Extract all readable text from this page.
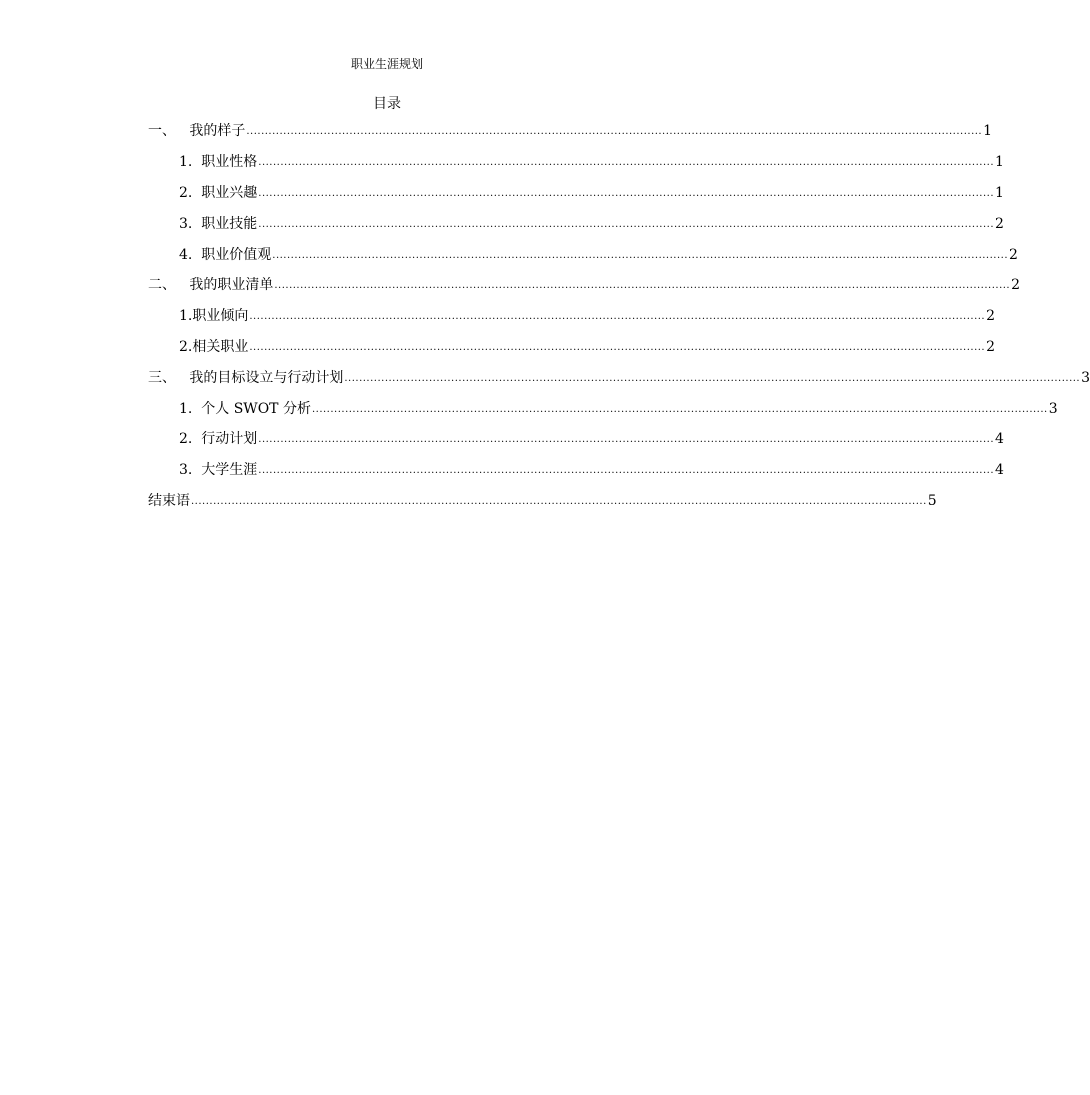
职业生涯规划
目录
一、 我的样子 ........................................................................................................................................................................................................ 1
1. 职业性格 ........................................................................................................................................................................................................ 1
2. 职业兴趣 ........................................................................................................................................................................................................ 1
3. 职业技能 ........................................................................................................................................................................................................ 2
4. 职业价值观 ........................................................................................................................................................................................................ 2
二、 我的职业清单 ........................................................................................................................................................................................................ 2
1. 职业倾向 ........................................................................................................................................................................................................ 2
2. 相关职业 ........................................................................................................................................................................................................ 2
三、 我的目标设立与行动计划 ........................................................................................................................................................................................................ 3
1. 个人 SWOT 分析 ........................................................................................................................................................................................................ 3
2. 行动计划 ........................................................................................................................................................................................................ 4
3. 大学生涯 ........................................................................................................................................................................................................ 4
结束语 ........................................................................................................................................................................................................ 5
